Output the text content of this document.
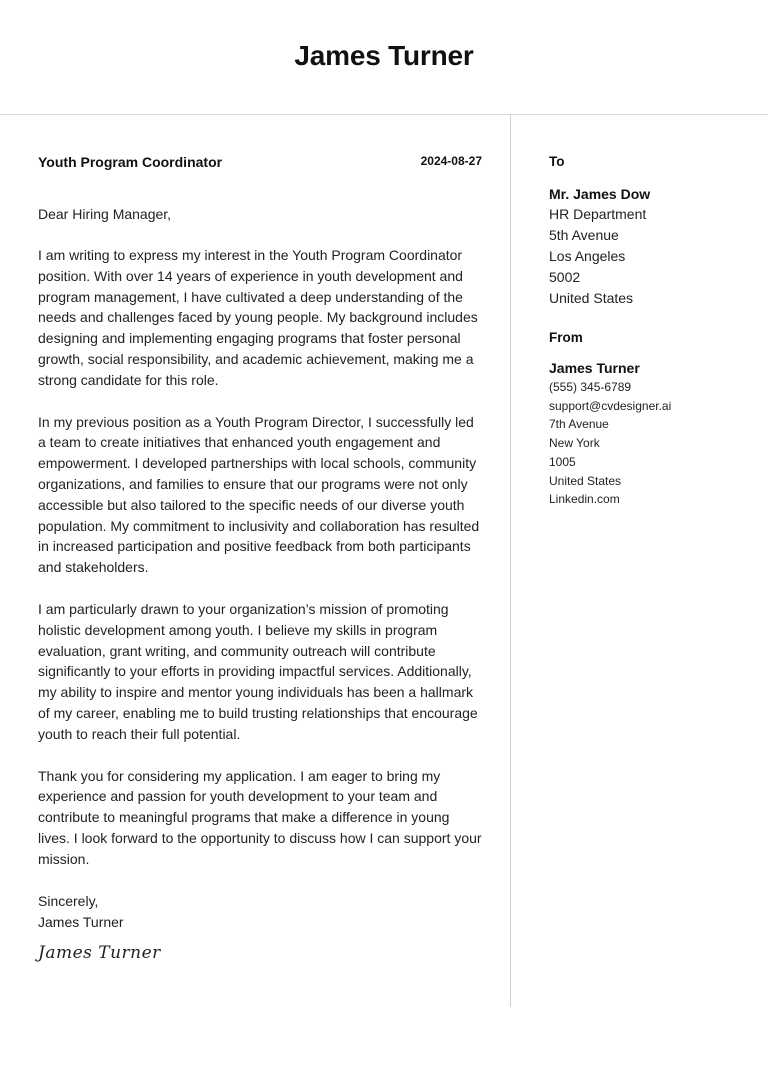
James Turner
Youth Program Coordinator	2024-08-27
Dear Hiring Manager,

I am writing to express my interest in the Youth Program Coordinator position. With over 14 years of experience in youth development and program management, I have cultivated a deep understanding of the needs and challenges faced by young people. My background includes designing and implementing engaging programs that foster personal growth, social responsibility, and academic achievement, making me a strong candidate for this role.

In my previous position as a Youth Program Director, I successfully led a team to create initiatives that enhanced youth engagement and empowerment. I developed partnerships with local schools, community organizations, and families to ensure that our programs were not only accessible but also tailored to the specific needs of our diverse youth population. My commitment to inclusivity and collaboration has resulted in increased participation and positive feedback from both participants and stakeholders.

I am particularly drawn to your organization’s mission of promoting holistic development among youth. I believe my skills in program evaluation, grant writing, and community outreach will contribute significantly to your efforts in providing impactful services. Additionally, my ability to inspire and mentor young individuals has been a hallmark of my career, enabling me to build trusting relationships that encourage youth to reach their full potential.

Thank you for considering my application. I am eager to bring my experience and passion for youth development to your team and contribute to meaningful programs that make a difference in young lives. I look forward to the opportunity to discuss how I can support your mission.

Sincerely,
James Turner
James Turner
To
Mr. James Dow
HR Department
5th Avenue
Los Angeles
5002
United States
From
James Turner
(555) 345-6789
support@cvdesigner.ai
7th Avenue
New York
1005
United States
Linkedin.com
